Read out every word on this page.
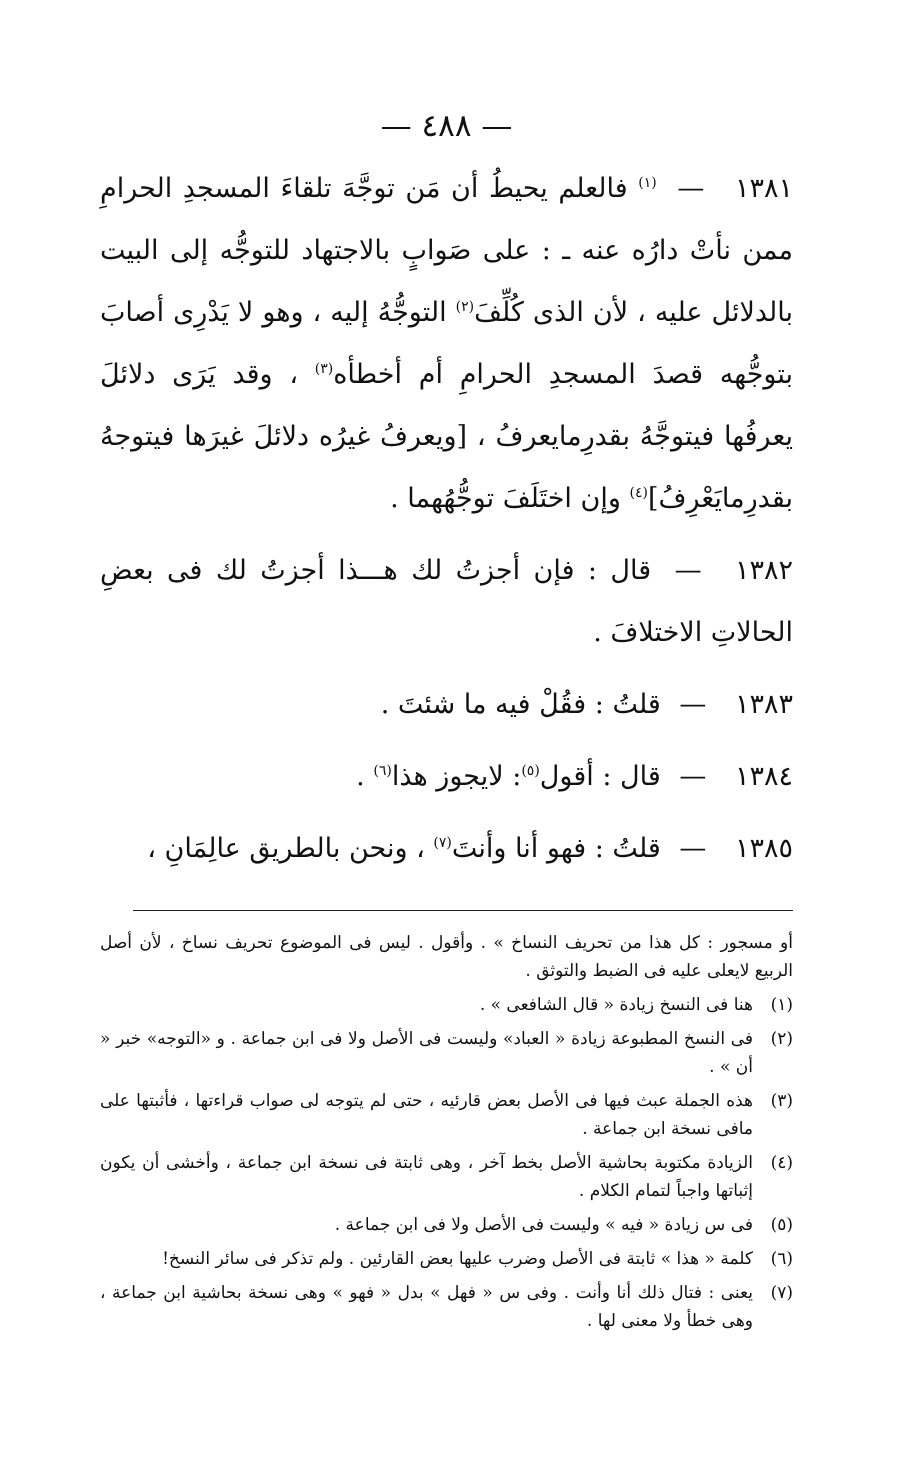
— ٤٨٨ —

١٣٨١ — $^{(١)}$ فالعلم يحيطُ أن مَن توجَّهَ تلقاءَ المسجدِ الحرامِ ممن نأتْ دارُه عنه ـ : على صَوابٍ بالاجتهاد للتوجُّه إلى البيت بالدلائل عليه ، لأن الذى كُلِّفَ$^{(٢)}$ التوجُّهُ إليه ، وهو لا يَدْرِى أصابَ بتوجُّهه قصدَ المسجدِ الحرامِ أم أخطأه$^{(٣)}$ ، وقد يَرَى دلائلَ يعرفُها فيتوجَّهُ بقدرِمايعرفُ ، [ويعرفُ غيرُه دلائلَ غيرَها فيتوجهُ بقدرِمايَعْرِفُ]$^{(٤)}$ وإن اختَلَفَ توجُّهُهما .

١٣٨٢ — قال : فإن أجزتُ لك هـــذا أجزتُ لك فى بعضِ الحالاتِ الاختلافَ .

١٣٨٣ — قلتُ : فقُلْ فيه ما شئتَ .

١٣٨٤ — قال : أقول$^{(٥)}$: لايجوز هذا$^{(٦)}$ .

١٣٨٥ — قلتُ : فهو أنا وأنتَ$^{(٧)}$ ، ونحن بالطريق عالِمَانِ ،

أو مسجور : كل هذا من تحريف النساخ » . وأقول . ليس فى الموضوع تحريف نساخ ، لأن أصل الربيع لايعلى عليه فى الضبط والتوثق .

(١)
هنا فى النسخ زيادة « قال الشافعى » .
(٢)
فى النسخ المطبوعة زيادة « العباد» وليست فى الأصل ولا فى ابن جماعة . و «التوجه» خبر « أن » .
(٣)
هذه الجملة عبث فيها فى الأصل بعض قارئيه ، حتى لم يتوجه لى صواب قراءتها ، فأثبتها على مافى نسخة ابن جماعة .
(٤)
الزيادة مكتوبة بحاشية الأصل بخط آخر ، وهى ثابتة فى نسخة ابن جماعة ، وأخشى أن يكون إثباتها واجباً لتمام الكلام .
(٥)
فى س زيادة « فيه » وليست فى الأصل ولا فى ابن جماعة .
(٦)
كلمة « هذا » ثابتة فى الأصل وضرب عليها بعض القارئين . ولم تذكر فى سائر النسخ!
(٧)
يعنى : فتال ذلك أنا وأنت . وفى س « فهل » بدل « فهو » وهى نسخة بحاشية ابن جماعة ، وهى خطأ ولا معنى لها .
